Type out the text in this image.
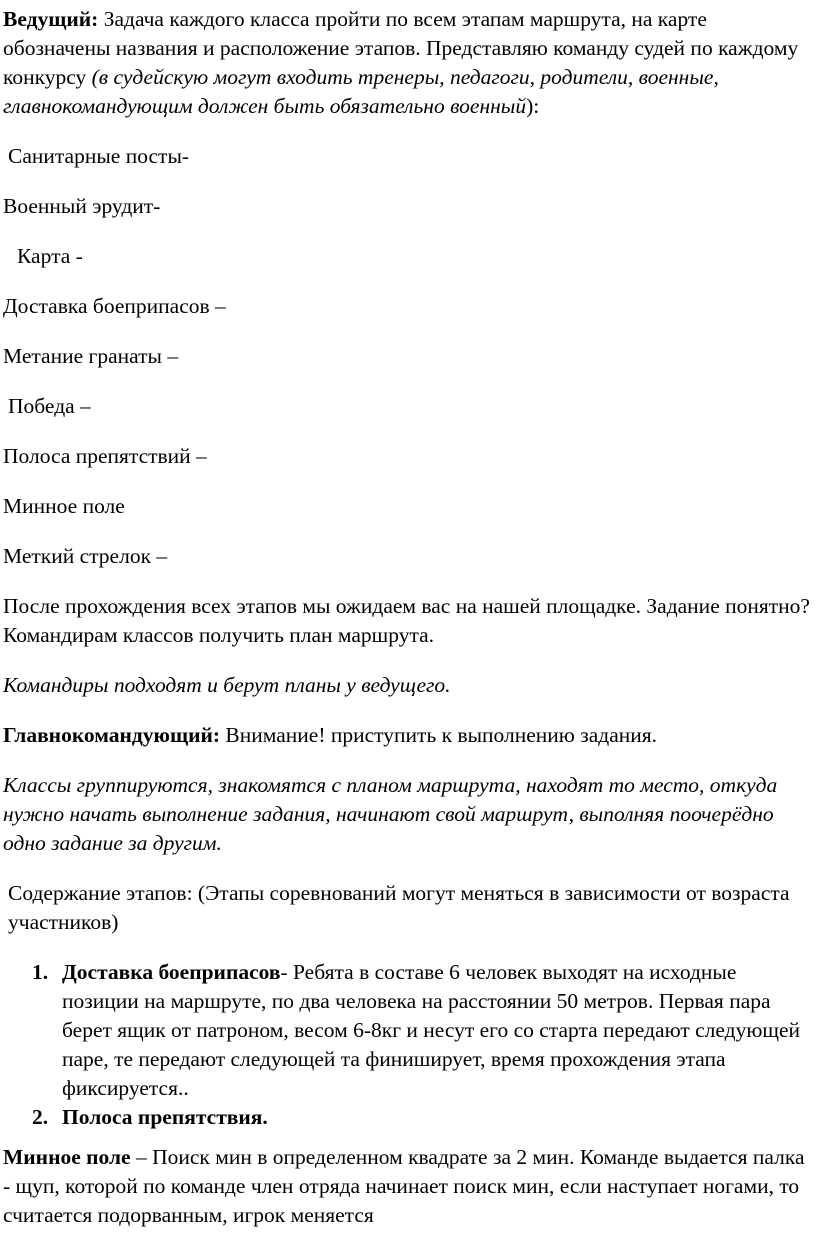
Ведущий: Задача каждого класса пройти по всем этапам маршрута, на карте обозначены названия и расположение этапов. Представляю команду судей по каждому конкурсу (в судейскую могут входить тренеры, педагоги, родители, военные, главнокомандующим должен быть обязательно военный):

Санитарные посты-

Военный эрудит-

Карта -

Доставка боеприпасов –

Метание гранаты –

Победа –

Полоса препятствий –

Минное поле

Меткий стрелок –

После прохождения всех этапов мы ожидаем вас на нашей площадке. Задание понятно? Командирам классов получить план маршрута.

Командиры подходят и берут планы у ведущего.

Главнокомандующий: Внимание! приступить к выполнению задания.

Классы группируются, знакомятся с планом маршрута, находят то место, откуда нужно начать выполнение задания, начинают свой маршрут, выполняя поочерёдно одно задание за другим.

Содержание этапов: (Этапы соревнований могут меняться в зависимости от возраста участников)

1. Доставка боеприпасов- Ребята в составе 6 человек выходят на исходные позиции на маршруте, по два человека на расстоянии 50 метров. Первая пара берет ящик от патроном, весом 6-8кг и несут его со старта передают следующей паре, те передают следующей та финиширует, время прохождения этапа фиксируется..
2. Полоса препятствия.

Минное поле – Поиск мин в определенном квадрате за 2 мин. Команде выдается палка - щуп, которой по команде член отряда начинает поиск мин, если наступает ногами, то считается подорванным, игрок меняется
